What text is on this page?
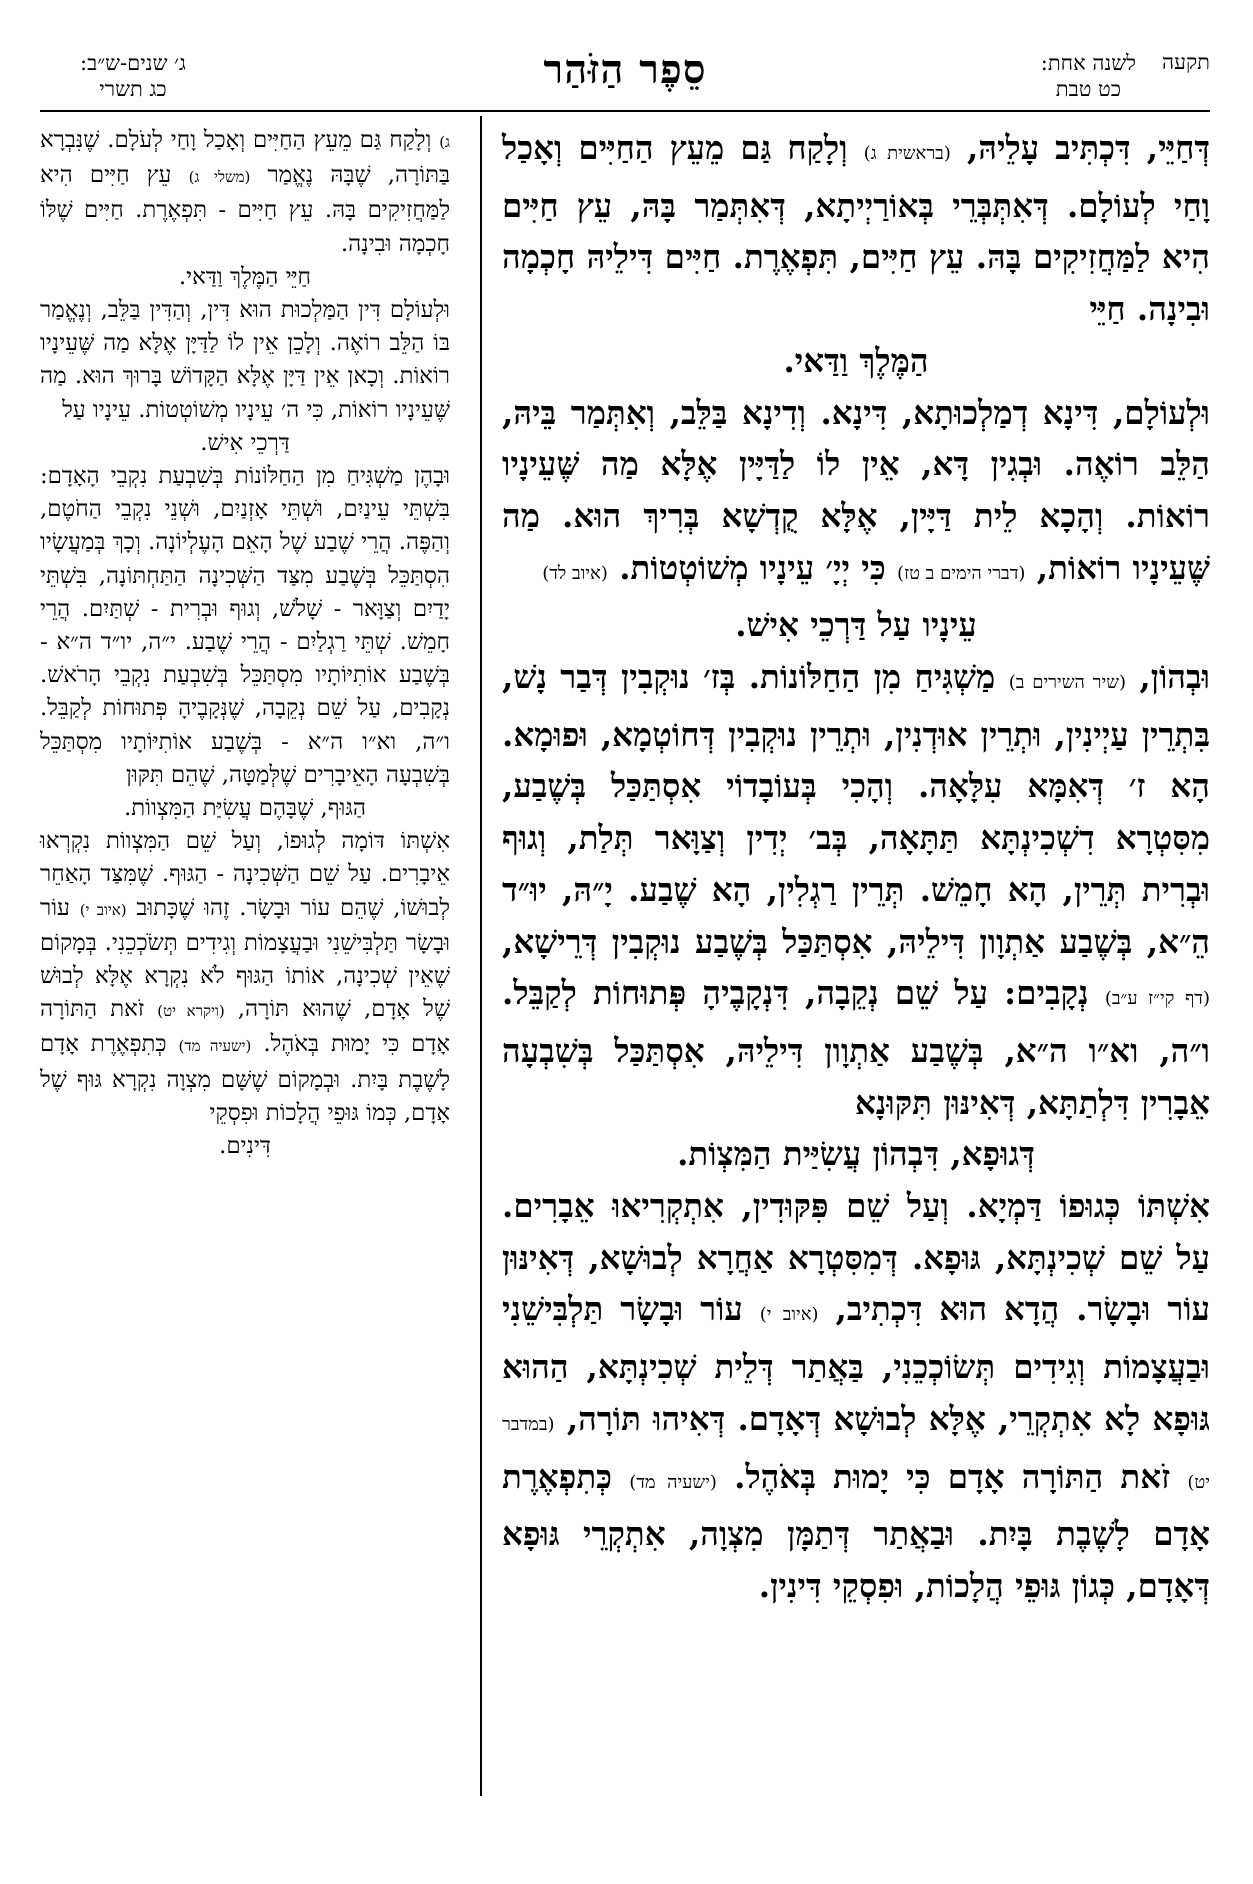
תקעה
לשנה אחת:
כט טבת
סֵפֶר הַזֹּהַר
ג׳ שנים-ש״ב:
כג תשרי

דְּחַיֵּי, דִּכְתִּיב עָלֵיהּ, (בראשית ג) וְלָקַח גַּם מֵעֵץ הַחַיִּים וְאָכַל וָחַי לְעוֹלָם. דְּאִתְּבְּרֵי בְּאוֹרַיְיתָא, דְּאִתְּמַר בָּהּ, עֵץ חַיִּים הִיא לַמַּחֲזִיקִים בָּהּ. עֵץ חַיִּים, תִּפְאֶרֶת. חַיִּים דִּילֵיהּ חָכְמָה וּבִינָה. חַיֵּי

הַמֶּלֶךְ וַדַּאי.

וּלְעוֹלָם, דִּינָא דְמַלְכוּתָא, דִּינָא. וְדִינָא בַּלֵּב, וְאִתְּמַר בֵּיהּ, הַלֵּב רוֹאֶה. וּבְגִין דָּא, אֵין לוֹ לַדַּיָּין אֶלָּא מַה שֶּׁעֵינָיו רוֹאוֹת. וְהָכָא לֵית דַּיָּין, אֶלָּא קֻדְשָׁא בְּרִיךְ הוּא. מַה שֶּׁעֵינָיו רוֹאוֹת, (דברי הימים ב טז) כִּי יְיָ׳ עֵינָיו מְשׁוֹטְטוֹת. (איוב לד)

עֵינָיו עַל דַּרְכֵי אִישׁ.

וּבְהוֹן, (שיר השירים ב) מַשְׁגִּיחַ מִן הַחַלּוֹנוֹת. בְּז׳ נוּקְבִין דְּבַר נָשׁ, בִּתְרֵין עַיְינִין, וּתְרֵין אוּדְנִין, וּתְרֵין נוּקְבִין דְּחוֹטְמָא, וּפוּמָא. הָא ז׳ דְּאִמָּא עִלָּאָה. וְהָכִי בְּעוֹבָדוֹי אִסְתַּכַּל בְּשֶׁבַע, מִסִּטְרָא דִשְׁכִינְתָּא תַּתָּאָה, בְּב׳ יְדִין וְצַוָּאר תְּלַת, וְגוּף וּבְרִית תְּרֵין, הָא חָמֵשׁ. תְּרֵין רַגְלִין, הָא שֶׁבַע. יָ״הּ, יוּ״ד הֵ״א, בְּשֶׁבַע אַתְוָון דִּילֵיהּ, אִסְתַּכַּל בְּשֶׁבַע נוּקְבִין דְּרֵישָׁא, (דף קי״ז ע״ב) נְקָבִים: עַל שֵׁם נְקֵבָה, דִּנְקָבֶיהָ פְּתוּחוֹת לְקַבֵּל. ו״ה, וא״ו ה״א, בְּשֶׁבַע אַתְוָון דִּילֵיהּ, אִסְתַּכַּל בְּשִׁבְעָה אֵבָרִין דִּלְתַתָּא, דְּאִינּוּן תִּקּוּנָא

דְּגוּפָא, דִּבְהוֹן עֲשִׂיַּית הַמִּצְוֹת.

אִשְׁתּוֹ כְּגוּפוֹ דַּמְיָא. וְעַל שֵׁם פִּקּוּדִין, אִתְקְרִיאוּ אֵבָרִים. עַל שֵׁם שְׁכִינְתָּא, גּוּפָא. דְּמִסִּטְרָא אַחֲרָא לְבוּשָׁא, דְּאִינּוּן עוֹר וּבָשָׂר. הֲדָא הוּא דִּכְתִיב, (איוב י) עוֹר וּבָשָׂר תַּלְבִּישֵׁנִי וּבַעֲצָמוֹת וְגִידִים תְּשׂוֹכְכֵנִי, בַּאֲתַר דְּלֵית שְׁכִינְתָּא, הַהוּא גּוּפָא לָא אִתְקְרֵי, אֶלָּא לְבוּשָׁא דְּאָדָם. דְּאִיהוּ תּוֹרָה, (במדבר יט) זֹאת הַתּוֹרָה אָדָם כִּי יָמוּת בְּאֹהֶל. (ישעיה מד) כְּתִפְאֶרֶת אָדָם לָשֶׁבֶת בָּיִת. וּבַאֲתַר דְּתַמָּן מִצְוָה, אִתְקְרֵי גּוּפָא דְּאָדָם, כְּגוֹן גּוּפֵי הֲלָכוֹת, וּפִסְקֵי דִּינִין.

ג) וְלָקַח גַּם מֵעֵץ הַחַיִּים וְאָכַל וָחַי לְעֹלָם. שֶׁנִּבְרָא בַּתּוֹרָה, שֶׁבָּהּ נֶאֱמַר (משלי ג) עֵץ חַיִּים הִיא לַמַּחֲזִיקִים בָּהּ. עֵץ חַיִּים - תִּפְאֶרֶת. חַיִּים שֶׁלּוֹ חָכְמָה וּבִינָה.

חַיֵּי הַמֶּלֶךְ וַדַּאי.

וּלְעוֹלָם דִּין הַמַּלְכוּת הוּא דִּין, וְהַדִּין בַּלֵּב, וְנֶאֱמַר בּוֹ הַלֵּב רוֹאֶה. וְלָכֵן אֵין לוֹ לַדַּיָּן אֶלָּא מַה שֶּׁעֵינָיו רוֹאוֹת. וְכָאן אֵין דַּיָּן אֶלָּא הַקָּדוֹשׁ בָּרוּךְ הוּא. מַה שֶּׁעֵינָיו רוֹאוֹת, כִּי ה׳ עֵינָיו מְשׁוֹטְטוֹת. עֵינָיו עַל

דַּרְכֵי אִישׁ.

וּבָהֶן מַשְׁגִּיחַ מִן הַחַלּוֹנוֹת בְּשִׁבְעַת נִקְבֵי הָאָדָם: בִּשְׁתֵּי עֵינַיִם, וּשְׁתֵּי אָזְנַיִם, וּשְׁנֵי נִקְבֵי הַחֹטֶם, וְהַפֶּה. הֲרֵי שֶׁבַע שֶׁל הָאֵם הָעֶלְיוֹנָה. וְכָךְ בְּמַעֲשָׂיו הִסְתַּכֵּל בְּשֶׁבַע מִצַּד הַשְּׁכִינָה הַתַּחְתּוֹנָה, בִּשְׁתֵּי יָדַיִם וְצַוָּאר - שָׁלֹשׁ, וְגוּף וּבְרִית - שְׁתַּיִם. הֲרֵי חָמֵשׁ. שְׁתֵּי רַגְלַיִם - הֲרֵי שֶׁבַע. י״ה, יו״ד ה״א - בְּשֶׁבַע אוֹתִיּוֹתָיו מִסְתַּכֵּל בְּשִׁבְעַת נִקְבֵי הָרֹאשׁ. נְקָבִים, עַל שֵׁם נְקֵבָה, שֶׁנְּקָבֶיהָ פְּתוּחוֹת לְקַבֵּל. ו״ה, וא״ו ה״א - בְּשֶׁבַע אוֹתִיּוֹתָיו מִסְתַּכֵּל בְּשִׁבְעָה הָאֵיבָרִים שֶׁלְּמַטָּה, שֶׁהֵם תִּקּוּן

הַגּוּף, שֶׁבָּהֶם עֲשִׂיַּת הַמִּצְווֹת.

אִשְׁתּוֹ דּוֹמָה לְגוּפוֹ, וְעַל שֵׁם הַמִּצְווֹת נִקְרְאוּ אֵיבָרִים. עַל שֵׁם הַשְּׁכִינָה - הַגּוּף. שֶׁמִּצַּד הָאַחֵר לְבוּשׁוֹ, שֶׁהֵם עוֹר וּבָשָׂר. זֶהוּ שֶׁכָּתוּב (איוב י) עוֹר וּבָשָׂר תַּלְבִּישֵׁנִי וּבַעֲצָמוֹת וְגִידִים תְּשֹׂכְכֵנִי. בְּמָקוֹם שֶׁאֵין שְׁכִינָה, אוֹתוֹ הַגּוּף לֹא נִקְרָא אֶלָּא לְבוּשׁ שֶׁל אָדָם, שֶׁהוּא תּוֹרָה, (ויקרא יט) זֹאת הַתּוֹרָה אָדָם כִּי יָמוּת בְּאֹהֶל. (ישעיה מד) כְּתִפְאֶרֶת אָדָם לָשֶׁבֶת בָּיִת. וּבְמָקוֹם שֶׁשָּׁם מִצְוָה נִקְרָא גּוּף שֶׁל אָדָם, כְּמוֹ גּוּפֵי הֲלָכוֹת וּפִסְקֵי

דִּינִים.
